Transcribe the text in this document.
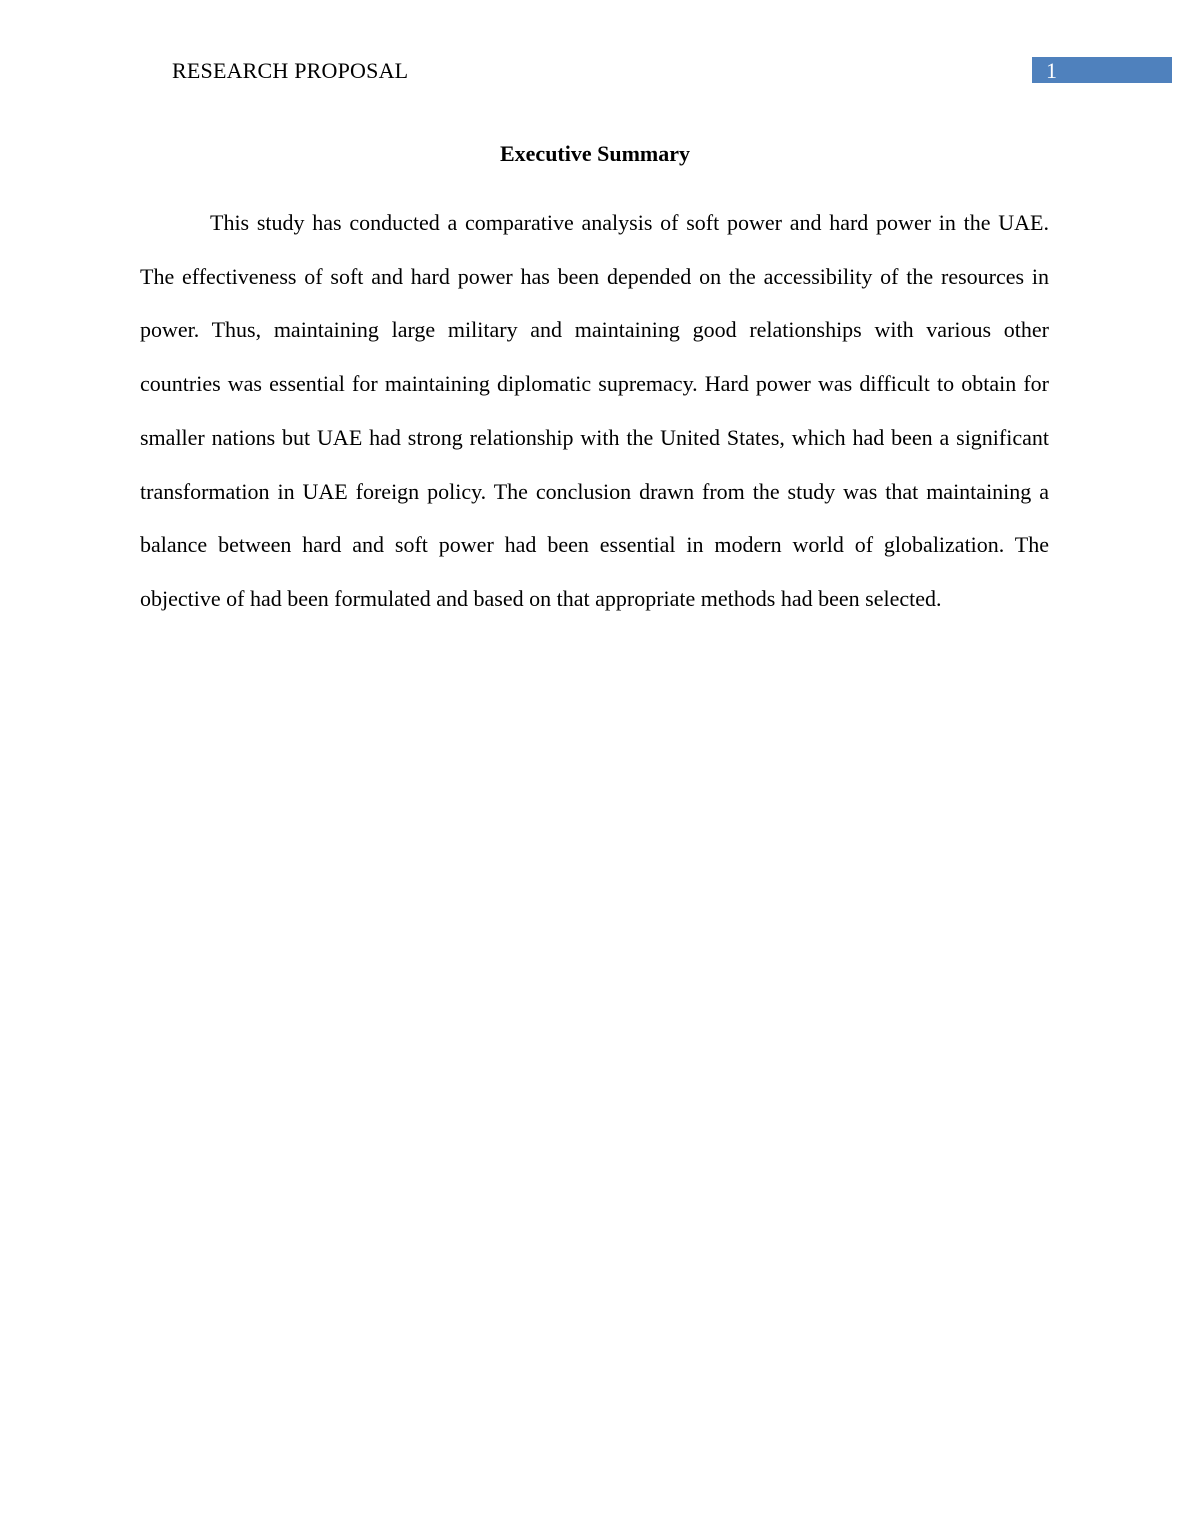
RESEARCH PROPOSAL	1
Executive Summary

This study has conducted a comparative analysis of soft power and hard power in the UAE. The effectiveness of soft and hard power has been depended on the accessibility of the resources in power. Thus, maintaining large military and maintaining good relationships with various other countries was essential for maintaining diplomatic supremacy. Hard power was difficult to obtain for smaller nations but UAE had strong relationship with the United States, which had been a significant transformation in UAE foreign policy. The conclusion drawn from the study was that maintaining a balance between hard and soft power had been essential in modern world of globalization. The objective of had been formulated and based on that appropriate methods had been selected.
